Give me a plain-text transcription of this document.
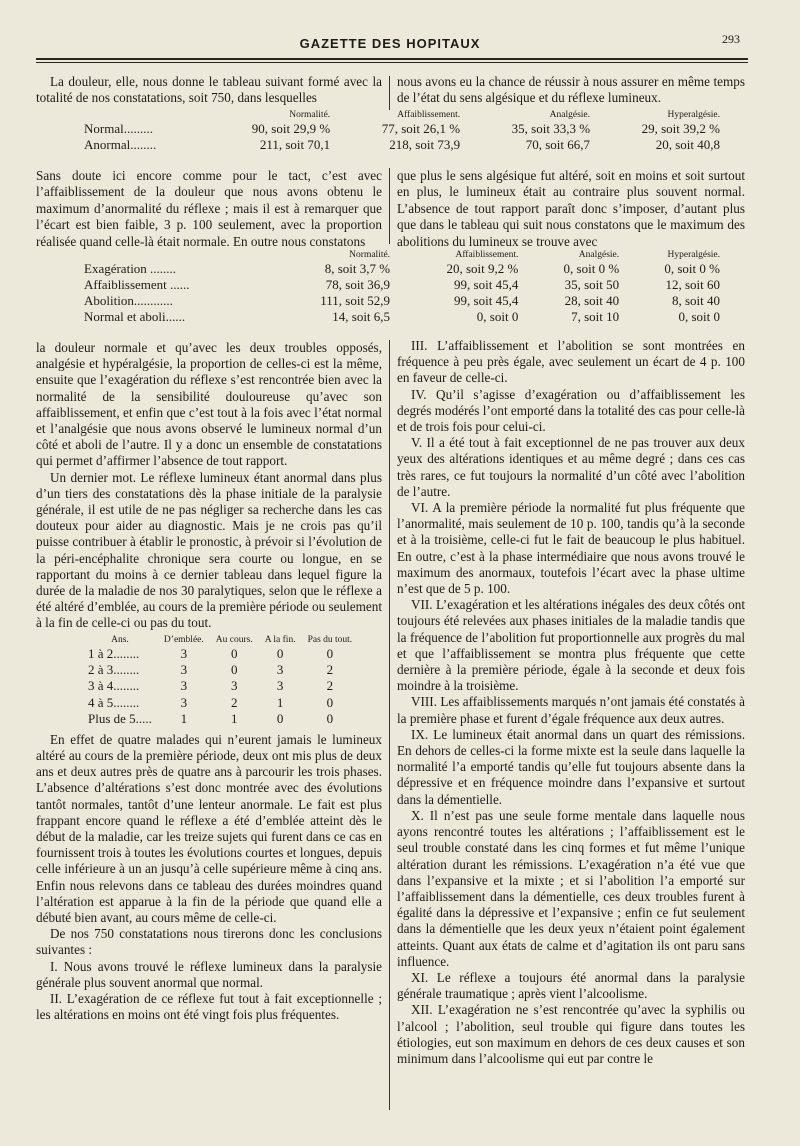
GAZETTE DES HOPITAUX	293

La douleur, elle, nous donne le tableau suivant formé avec la totalité de nos constatations, soit 750, dans lesquelles

nous avons eu la chance de réussir à nous assurer en même temps de l’état du sens algésique et du réflexe lumineux.

	Normalité.	Affaiblissement.	Analgésie.	Hyperalgésie.
Normal.........	90, soit 29,9 %	77, soit 26,1 %	35, soit 33,3 %	29, soit 39,2 %
Anormal........	211, soit 70,1	218, soit 73,9	70, soit 66,7	20, soit 40,8

Sans doute ici encore comme pour le tact, c’est avec l’affaiblissement de la douleur que nous avons obtenu le maximum d’anormalité du réflexe ; mais il est à remarquer que l’écart est bien faible, 3 p. 100 seulement, avec la proportion réalisée quand celle-là était normale. En outre nous constatons

que plus le sens algésique fut altéré, soit en moins et soit surtout en plus, le lumineux était au contraire plus souvent normal. L’absence de tout rapport paraît donc s’imposer, d’autant plus que dans le tableau qui suit nous constatons que le maximum des abolitions du lumineux se trouve avec

	Normalité.	Affaiblissement.	Analgésie.	Hyperalgésie.
Exagération ........	8, soit 3,7 %	20, soit 9,2 %	0, soit 0 %	0, soit 0 %
Affaiblissement ......	78, soit 36,9	99, soit 45,4	35, soit 50	12, soit 60
Abolition............	111, soit 52,9	99, soit 45,4	28, soit 40	8, soit 40
Normal et aboli......	14, soit 6,5	0, soit 0	7, soit 10	0, soit 0

la douleur normale et qu’avec les deux troubles opposés, analgésie et hypéralgésie, la proportion de celles-ci est la même, ensuite que l’exagération du réflexe s’est rencontrée bien avec la normalité de la sensibilité douloureuse qu’avec son affaiblissement, et enfin que c’est tout à la fois avec l’état normal et l’analgésie que nous avons observé le lumineux normal d’un côté et aboli de l’autre. Il y a donc un ensemble de constatations qui permet d’affirmer l’absence de tout rapport.

Un dernier mot. Le réflexe lumineux étant anormal dans plus d’un tiers des constatations dès la phase initiale de la paralysie générale, il est utile de ne pas négliger sa recherche dans les cas douteux pour aider au diagnostic. Mais je ne crois pas qu’il puisse contribuer à établir le pronostic, à prévoir si l’évolution de la péri-encéphalite chronique sera courte ou longue, en se rapportant du moins à ce dernier tableau dans lequel figure la durée de la maladie de nos 30 paralytiques, selon que le réflexe a été altéré d’emblée, au cours de la première période ou seulement à la fin de celle-ci ou pas du tout.

Ans.	D’emblée.	Au cours.	A la fin.	Pas du tout.
1 à 2........	3	0	0	0
2 à 3........	3	0	3	2
3 à 4........	3	3	3	2
4 à 5........	3	2	1	0
Plus de 5.....	1	1	0	0

En effet de quatre malades qui n’eurent jamais le lumineux altéré au cours de la première période, deux ont mis plus de deux ans et deux autres près de quatre ans à parcourir les trois phases. L’absence d’altérations s’est donc montrée avec des évolutions tantôt normales, tantôt d’une lenteur anormale. Le fait est plus frappant encore quand le réflexe a été d’emblée atteint dès le début de la maladie, car les treize sujets qui furent dans ce cas en fournissent trois à toutes les évolutions courtes et longues, depuis celle inférieure à un an jusqu’à celle supérieure même à cinq ans. Enfin nous relevons dans ce tableau des durées moindres quand l’altération est apparue à la fin de la période que quand elle a débuté bien avant, au cours même de celle-ci.

De nos 750 constatations nous tirerons donc les conclusions suivantes :

I. Nous avons trouvé le réflexe lumineux dans la paralysie générale plus souvent anormal que normal.

II. L’exagération de ce réflexe fut tout à fait exceptionnelle ; les altérations en moins ont été vingt fois plus fréquentes.

III. L’affaiblissement et l’abolition se sont montrées en fréquence à peu près égale, avec seulement un écart de 4 p. 100 en faveur de celle-ci.

IV. Qu’il s’agisse d’exagération ou d’affaiblissement les degrés modérés l’ont emporté dans la totalité des cas pour celle-là et de trois fois pour celui-ci.

V. Il a été tout à fait exceptionnel de ne pas trouver aux deux yeux des altérations identiques et au même degré ; dans ces cas très rares, ce fut toujours la normalité d’un côté avec l’abolition de l’autre.

VI. A la première période la normalité fut plus fréquente que l’anormalité, mais seulement de 10 p. 100, tandis qu’à la seconde et à la troisième, celle-ci fut le fait de beaucoup le plus habituel. En outre, c’est à la phase intermédiaire que nous avons trouvé le maximum des anormaux, toutefois l’écart avec la phase ultime n’est que de 5 p. 100.

VII. L’exagération et les altérations inégales des deux côtés ont toujours été relevées aux phases initiales de la maladie tandis que la fréquence de l’abolition fut proportionnelle aux progrès du mal et que l’affaiblissement se montra plus fréquente que cette dernière à la première période, égale à la seconde et deux fois moindre à la troisième.

VIII. Les affaiblissements marqués n’ont jamais été constatés à la première phase et furent d’égale fréquence aux deux autres.

IX. Le lumineux était anormal dans un quart des rémissions. En dehors de celles-ci la forme mixte est la seule dans laquelle la normalité l’a emporté tandis qu’elle fut toujours absente dans la dépressive et en fréquence moindre dans l’expansive et surtout dans la démentielle.

X. Il n’est pas une seule forme mentale dans laquelle nous ayons rencontré toutes les altérations ; l’affaiblissement est le seul trouble constaté dans les cinq formes et fut même l’unique altération durant les rémissions. L’exagération n’a été vue que dans l’expansive et la mixte ; et si l’abolition l’a emporté sur l’affaiblissement dans la démentielle, ces deux troubles furent à égalité dans la dépressive et l’expansive ; enfin ce fut seulement dans la démentielle que les deux yeux n’étaient point également atteints. Quant aux états de calme et d’agitation ils ont paru sans influence.

XI. Le réflexe a toujours été anormal dans la paralysie générale traumatique ; après vient l’alcoolisme.

XII. L’exagération ne s’est rencontrée qu’avec la syphilis ou l’alcool ; l’abolition, seul trouble qui figure dans toutes les étiologies, eut son maximum en dehors de ces deux causes et son minimum dans l’alcoolisme qui eut par contre le
